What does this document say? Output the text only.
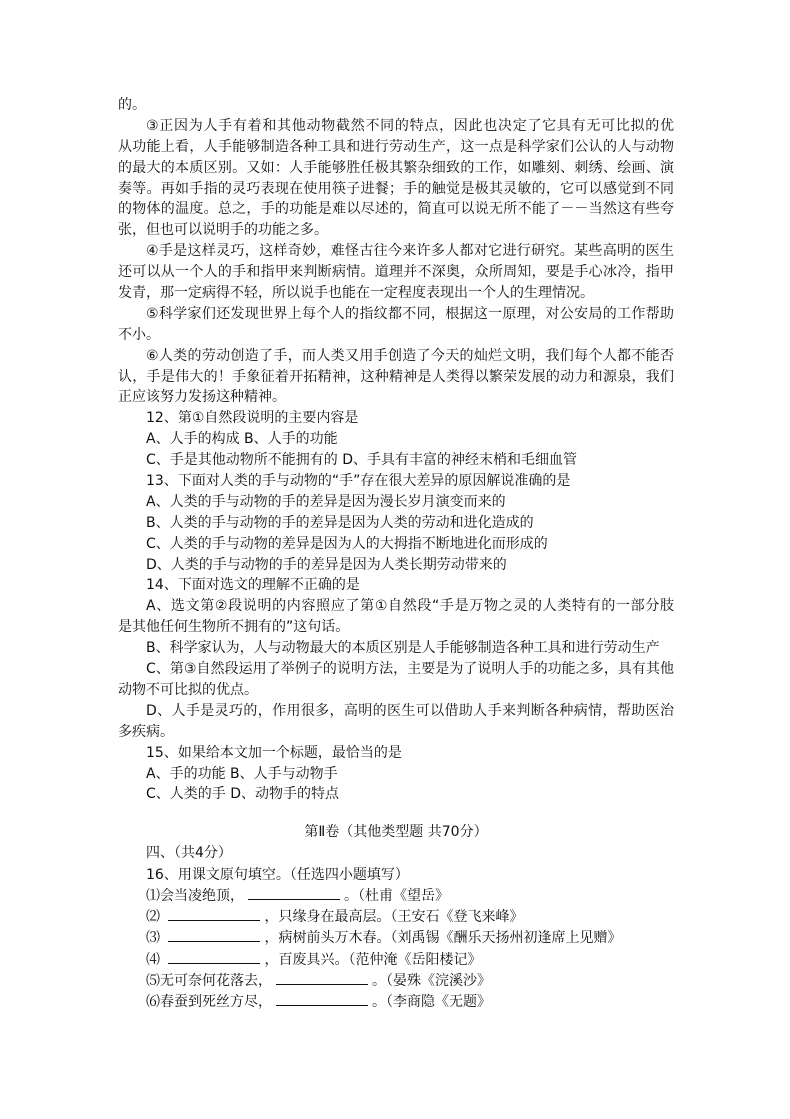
的。
③正因为人手有着和其他动物截然不同的特点，因此也决定了它具有无可比拟的优
从功能上看，人手能够制造各种工具和进行劳动生产，这一点是科学家们公认的人与动物
的最大的本质区别。又如：人手能够胜任极其繁杂细致的工作，如雕刻、刺绣、绘画、演
奏等。再如手指的灵巧表现在使用筷子进餐；手的触觉是极其灵敏的，它可以感觉到不同
的物体的温度。总之，手的功能是难以尽述的，简直可以说无所不能了－－当然这有些夸
张，但也可以说明手的功能之多。
④手是这样灵巧，这样奇妙，难怪古往今来许多人都对它进行研究。某些高明的医生
还可以从一个人的手和指甲来判断病情。道理并不深奥，众所周知，要是手心冰冷，指甲
发青，那一定病得不轻，所以说手也能在一定程度表现出一个人的生理情况。
⑤科学家们还发现世界上每个人的指纹都不同，根据这一原理，对公安局的工作帮助
不小。
⑥人类的劳动创造了手，而人类又用手创造了今天的灿烂文明，我们每个人都不能否
认，手是伟大的！手象征着开拓精神，这种精神是人类得以繁荣发展的动力和源泉，我们
正应该努力发扬这种精神。
12、第①自然段说明的主要内容是
A、人手的构成 B、人手的功能
C、手是其他动物所不能拥有的 D、手具有丰富的神经末梢和毛细血管
13、下面对人类的手与动物的“手”存在很大差异的原因解说准确的是
A、人类的手与动物的手的差异是因为漫长岁月演变而来的
B、人类的手与动物的手的差异是因为人类的劳动和进化造成的
C、人类的手与动物的差异是因为人的大拇指不断地进化而形成的
D、人类的手与动物的手的差异是因为人类长期劳动带来的
14、下面对选文的理解不正确的是
A、选文第②段说明的内容照应了第①自然段“手是万物之灵的人类特有的一部分肢
是其他任何生物所不拥有的”这句话。
B、科学家认为，人与动物最大的本质区别是人手能够制造各种工具和进行劳动生产
C、第③自然段运用了举例子的说明方法，主要是为了说明人手的功能之多，具有其他
动物不可比拟的优点。
D、人手是灵巧的，作用很多，高明的医生可以借助人手来判断各种病情，帮助医治
多疾病。
15、如果给本文加一个标题，最恰当的是
A、手的功能 B、人手与动物手
C、人类的手 D、动物手的特点
第Ⅱ卷（其他类型题 共70分）
四、（共4分）
16、用课文原句填空。（任选四小题填写）
⑴会当凌绝顶，	。（杜甫《望岳》
⑵	，只缘身在最高层。（王安石《登飞来峰》
⑶	，病树前头万木春。（刘禹锡《酬乐天扬州初逢席上见赠》
⑷	，百废具兴。（范仲淹《岳阳楼记》
⑸无可奈何花落去，	。（晏殊《浣溪沙》
⑹春蚕到死丝方尽，	。（李商隐《无题》
